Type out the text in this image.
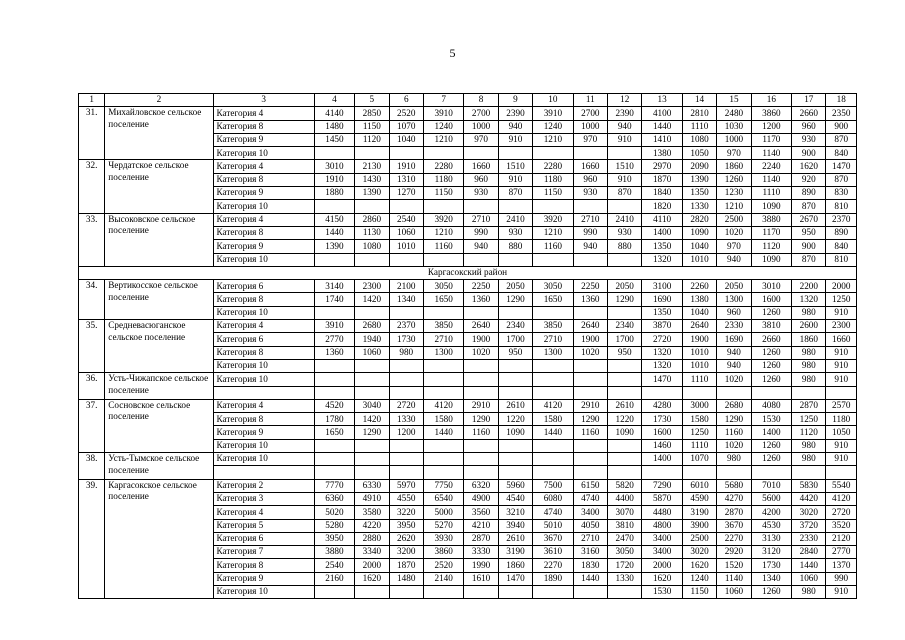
5
1	2	3	4	5	6	7	8	9	10	11	12	13	14	15	16	17	18
31.	Михайловское сельское поселение	Категория 4	4140	2850	2520	3910	2700	2390	3910	2700	2390	4100	2810	2480	3860	2660	2350
		Категория 8	1480	1150	1070	1240	1000	940	1240	1000	940	1440	1110	1030	1200	960	900
		Категория 9	1450	1120	1040	1210	970	910	1210	970	910	1410	1080	1000	1170	930	870
		Категория 10										1380	1050	970	1140	900	840
32.	Чердатское сельское поселение	Категория 4	3010	2130	1910	2280	1660	1510	2280	1660	1510	2970	2090	1860	2240	1620	1470
		Категория 8	1910	1430	1310	1180	960	910	1180	960	910	1870	1390	1260	1140	920	870
		Категория 9	1880	1390	1270	1150	930	870	1150	930	870	1840	1350	1230	1110	890	830
		Категория 10										1820	1330	1210	1090	870	810
33.	Высоковское сельское поселение	Категория 4	4150	2860	2540	3920	2710	2410	3920	2710	2410	4110	2820	2500	3880	2670	2370
		Категория 8	1440	1130	1060	1210	990	930	1210	990	930	1400	1090	1020	1170	950	890
		Категория 9	1390	1080	1010	1160	940	880	1160	940	880	1350	1040	970	1120	900	840
		Категория 10										1320	1010	940	1090	870	810
Каргасокский район																	
34.	Вертикосское сельское поселение	Категория 6	3140	2300	2100	3050	2250	2050	3050	2250	2050	3100	2260	2050	3010	2200	2000
		Категория 8	1740	1420	1340	1650	1360	1290	1650	1360	1290	1690	1380	1300	1600	1320	1250
		Категория 10										1350	1040	960	1260	980	910
35.	Средневасюганское сельское поселение	Категория 4	3910	2680	2370	3850	2640	2340	3850	2640	2340	3870	2640	2330	3810	2600	2300
		Категория 6	2770	1940	1730	2710	1900	1700	2710	1900	1700	2720	1900	1690	2660	1860	1660
		Категория 8	1360	1060	980	1300	1020	950	1300	1020	950	1320	1010	940	1260	980	910
		Категория 10										1320	1010	940	1260	980	910
36.	Усть-Чижапское сельское поселение	Категория 10										1470	1110	1020	1260	980	910

37.	Сосновское сельское поселение	Категория 4	4520	3040	2720	4120	2910	2610	4120	2910	2610	4280	3000	2680	4080	2870	2570
		Категория 8	1780	1420	1330	1580	1290	1220	1580	1290	1220	1730	1580	1290	1530	1250	1180
		Категория 9	1650	1290	1200	1440	1160	1090	1440	1160	1090	1600	1250	1160	1400	1120	1050
		Категория 10										1460	1110	1020	1260	980	910
38.	Усть-Тымское сельское поселение	Категория 10										1400	1070	980	1260	980	910

39.	Каргасокское сельское поселение	Категория 2	7770	6330	5970	7750	6320	5960	7500	6150	5820	7290	6010	5680	7010	5830	5540
		Категория 3	6360	4910	4550	6540	4900	4540	6080	4740	4400	5870	4590	4270	5600	4420	4120
		Категория 4	5020	3580	3220	5000	3560	3210	4740	3400	3070	4480	3190	2870	4200	3020	2720
		Категория 5	5280	4220	3950	5270	4210	3940	5010	4050	3810	4800	3900	3670	4530	3720	3520
		Категория 6	3950	2880	2620	3930	2870	2610	3670	2710	2470	3400	2500	2270	3130	2330	2120
		Категория 7	3880	3340	3200	3860	3330	3190	3610	3160	3050	3400	3020	2920	3120	2840	2770
		Категория 8	2540	2000	1870	2520	1990	1860	2270	1830	1720	2000	1620	1520	1730	1440	1370
		Категория 9	2160	1620	1480	2140	1610	1470	1890	1440	1330	1620	1240	1140	1340	1060	990
		Категория 10										1530	1150	1060	1260	980	910
